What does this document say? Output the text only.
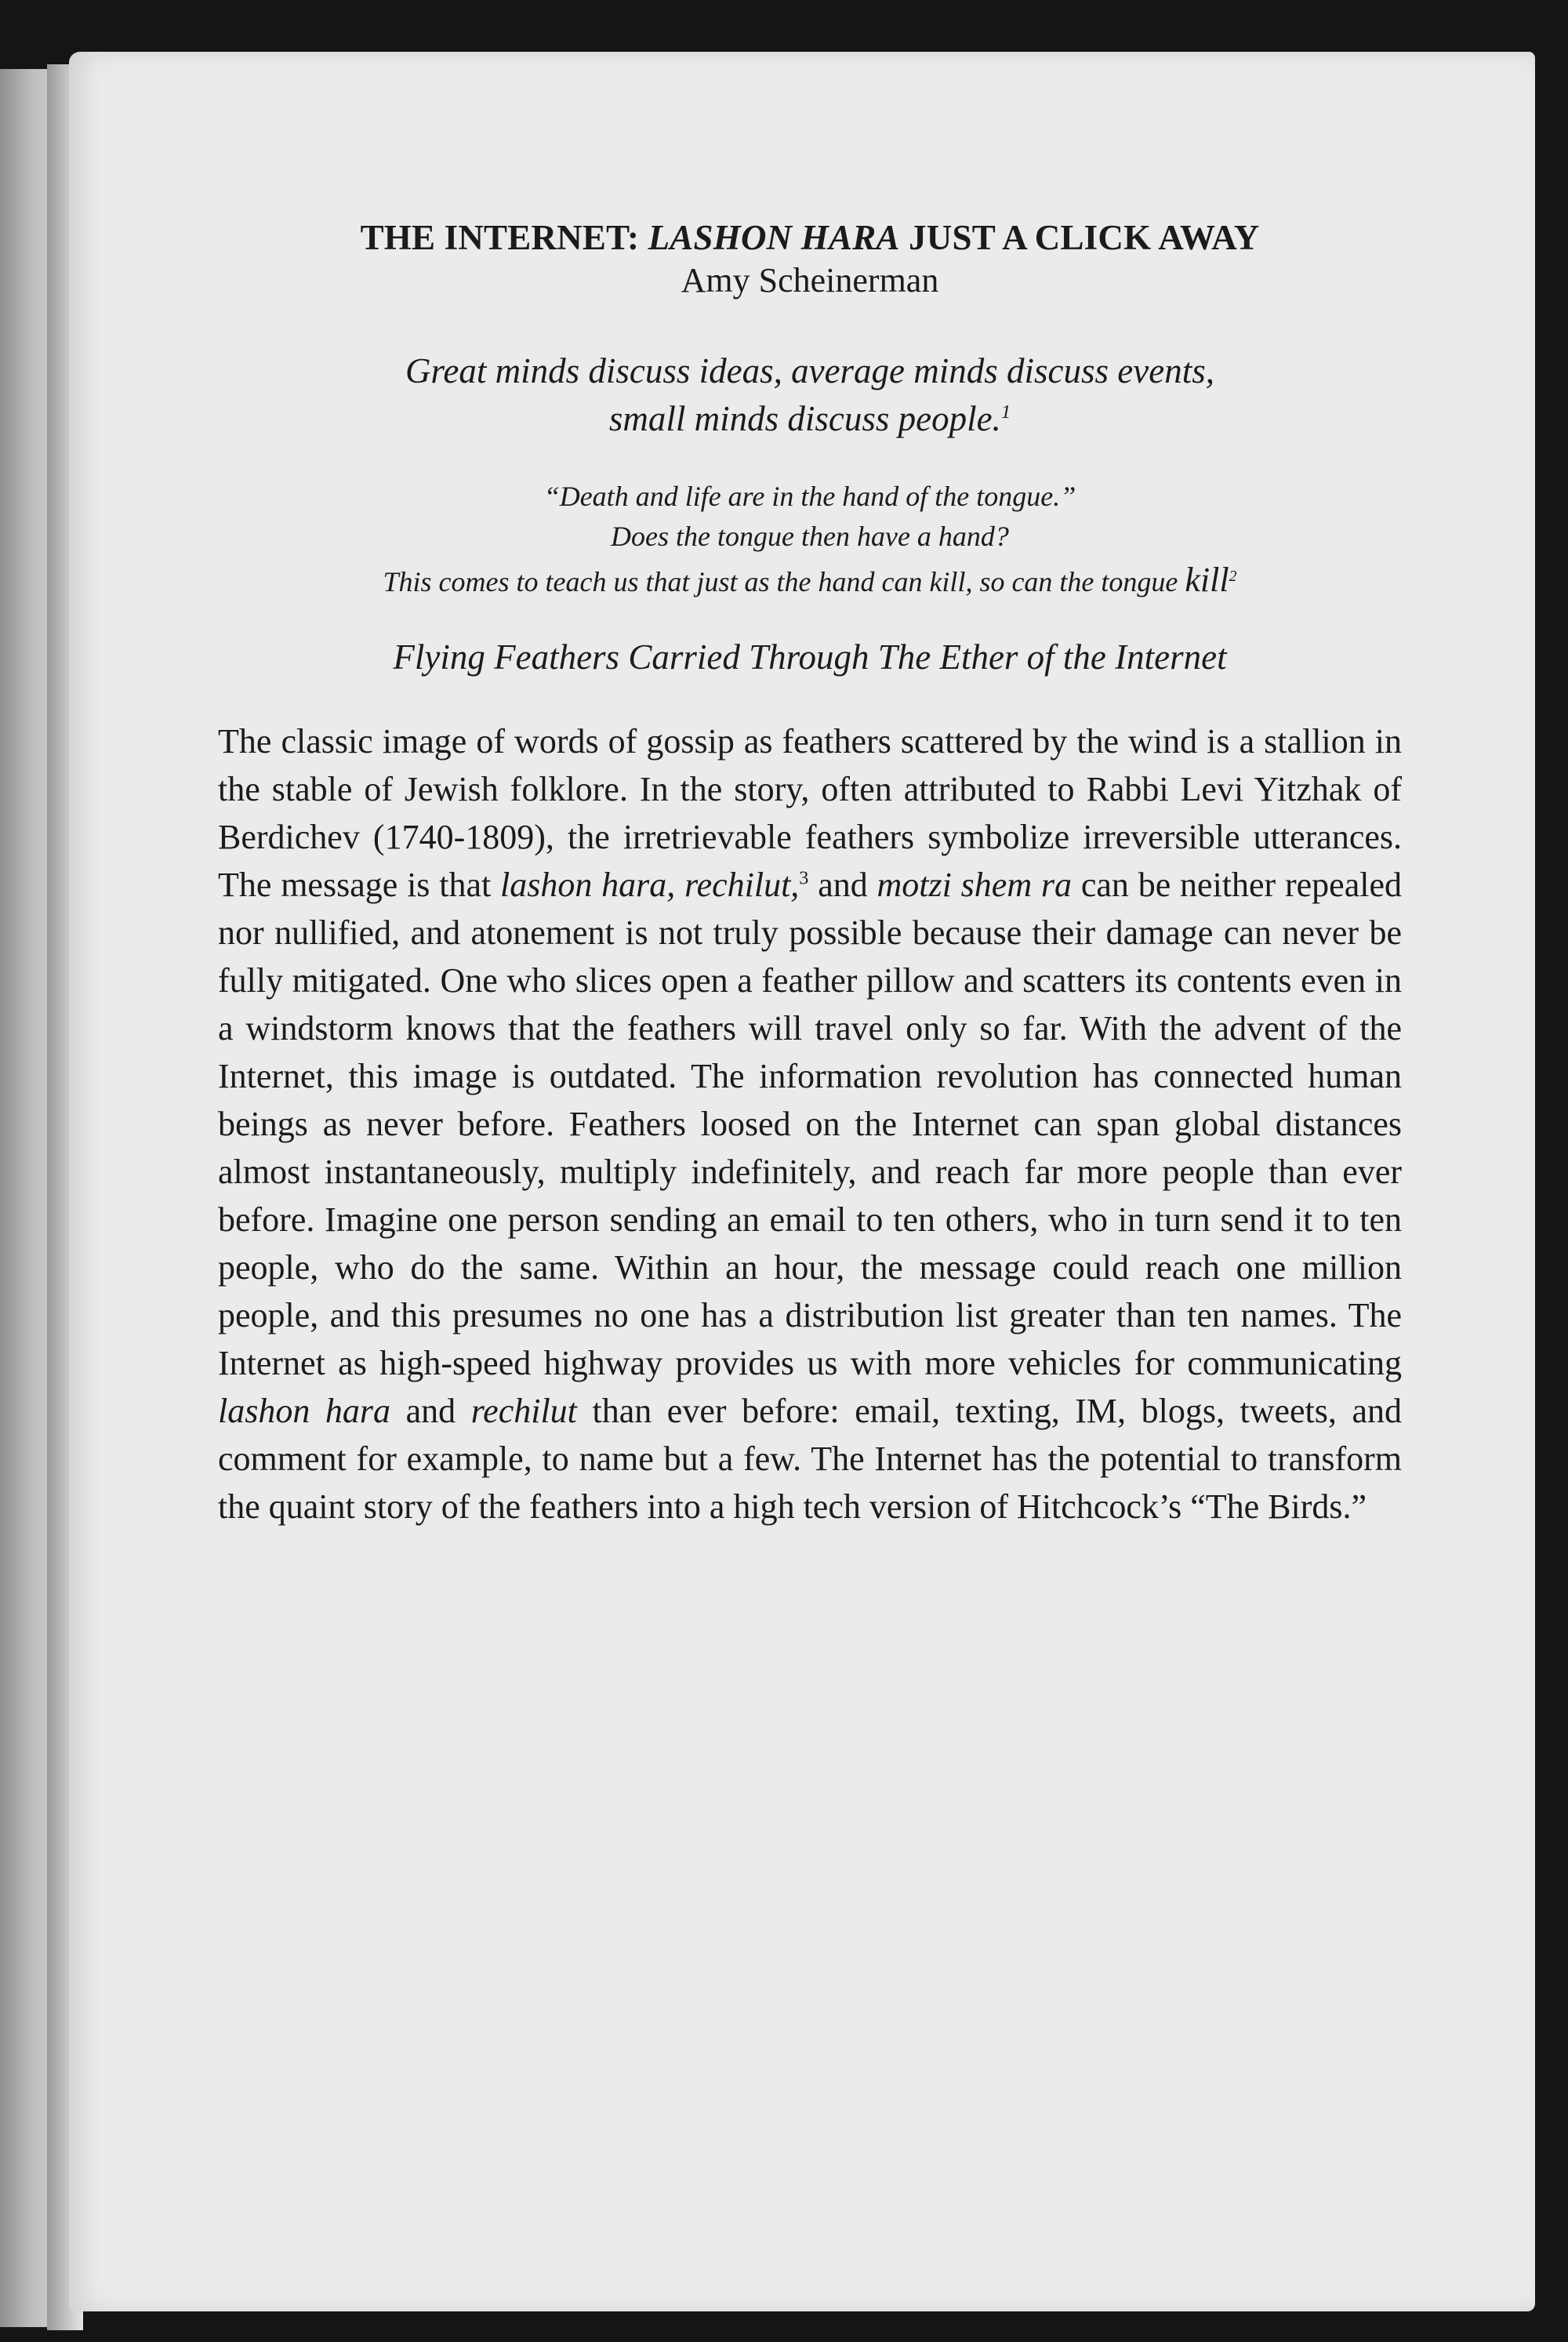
THE INTERNET: LASHON HARA JUST A CLICK AWAY
Amy Scheinerman
Great minds discuss ideas, average minds discuss events,
small minds discuss people.$^1$
“Death and life are in the hand of the tongue.”
Does the tongue then have a hand?
This comes to teach us that just as the hand can kill, so can the tongue kill$^2$
Flying Feathers Carried Through The Ether of the Internet

The classic image of words of gossip as feathers scattered by the wind is a stallion in the stable of Jewish folklore. In the story, often attributed to Rabbi Levi Yitzhak of Berdichev (1740-1809), the irretrievable feathers symbolize irreversible utterances. The message is that lashon hara, rechilut,$^3$ and motzi shem ra can be neither repealed nor nullified, and atonement is not truly possible because their damage can never be fully mitigated. One who slices open a feather pillow and scatters its contents even in a windstorm knows that the feathers will travel only so far. With the advent of the Internet, this image is outdated. The information revolution has connected human beings as never before. Feathers loosed on the Internet can span global distances almost instantaneously, multiply indefinitely, and reach far more people than ever before. Imagine one person sending an email to ten others, who in turn send it to ten people, who do the same. Within an hour, the message could reach one million people, and this presumes no one has a distribution list greater than ten names. The Internet as high-speed highway provides us with more vehicles for communicating lashon hara and rechilut than ever before: email, texting, IM, blogs, tweets, and comment for example, to name but a few. The Internet has the potential to transform the quaint story of the feathers into a high tech version of Hitchcock’s “The Birds.”
